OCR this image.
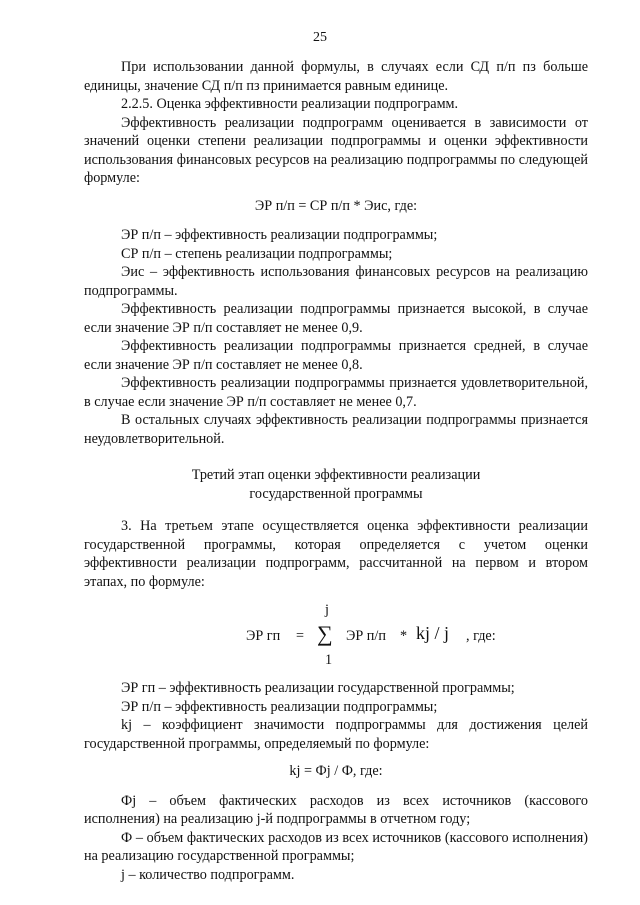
25

При использовании данной формулы, в случаях если СД п/п пз больше единицы, значение СД п/п пз принимается равным единице.

2.2.5. Оценка эффективности реализации подпрограмм.

Эффективность реализации подпрограмм оценивается в зависимости от значений оценки степени реализации подпрограммы и оценки эффективности использования финансовых ресурсов на реализацию подпрограммы по следующей формуле:

ЭР п/п = СР п/п * Эис, где:

ЭР п/п – эффективность реализации подпрограммы;

СР п/п – степень реализации подпрограммы;

Эис – эффективность использования финансовых ресурсов на реализацию подпрограммы.

Эффективность реализации подпрограммы признается высокой, в случае если значение ЭР п/п составляет не менее 0,9.

Эффективность реализации подпрограммы признается средней, в случае если значение ЭР п/п составляет не менее 0,8.

Эффективность реализации подпрограммы признается удовлетворительной, в случае если значение ЭР п/п составляет не менее 0,7.

В остальных случаях эффективность реализации подпрограммы признается неудовлетворительной.

Третий этап оценки эффективности реализации
государственной программы

3. На третьем этапе осуществляется оценка эффективности реализации государственной программы, которая определяется с учетом оценки эффективности реализации подпрограмм, рассчитанной на первом и втором этапах, по формуле:

ЭР гп =
j
∑
1
ЭР п/п * kj / j , где:

ЭР гп – эффективность реализации государственной программы;

ЭР п/п – эффективность реализации подпрограммы;

kj – коэффициент значимости подпрограммы для достижения целей государственной программы, определяемый по формуле:

kj = Фj / Ф, где:

Фj – объем фактических расходов из всех источников (кассового исполнения) на реализацию j-й подпрограммы в отчетном году;

Ф – объем фактических расходов из всех источников (кассового исполнения) на реализацию государственной программы;

j – количество подпрограмм.
